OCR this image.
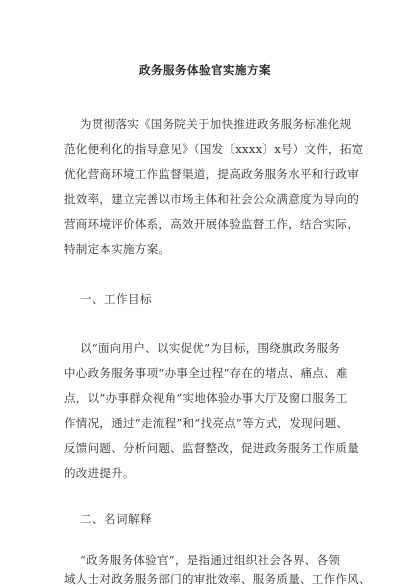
政务服务体验官实施方案
为贯彻落实《国务院关于加快推进政务服务标准化规
范化便利化的指导意见》（国发〔xxxx〕x号）文件，拓宽
优化营商环境工作监督渠道，提高政务服务水平和行政审
批效率，建立完善以市场主体和社会公众满意度为导向的
营商环境评价体系，高效开展体验监督工作，结合实际，
特制定本实施方案。
一、工作目标
以“面向用户、以实促优”为目标，围绕旗政务服务
中心政务服务事项“办事全过程”存在的堵点、痛点、难
点，以“办事群众视角”实地体验办事大厅及窗口服务工
作情况，通过“走流程”和“找亮点”等方式，发现问题、
反馈问题、分析问题、监督整改，促进政务服务工作质量
的改进提升。
二、名词解释
“政务服务体验官”，是指通过组织社会各界、各领
域人士对政务服务部门的审批效率、服务质量、工作作风、
